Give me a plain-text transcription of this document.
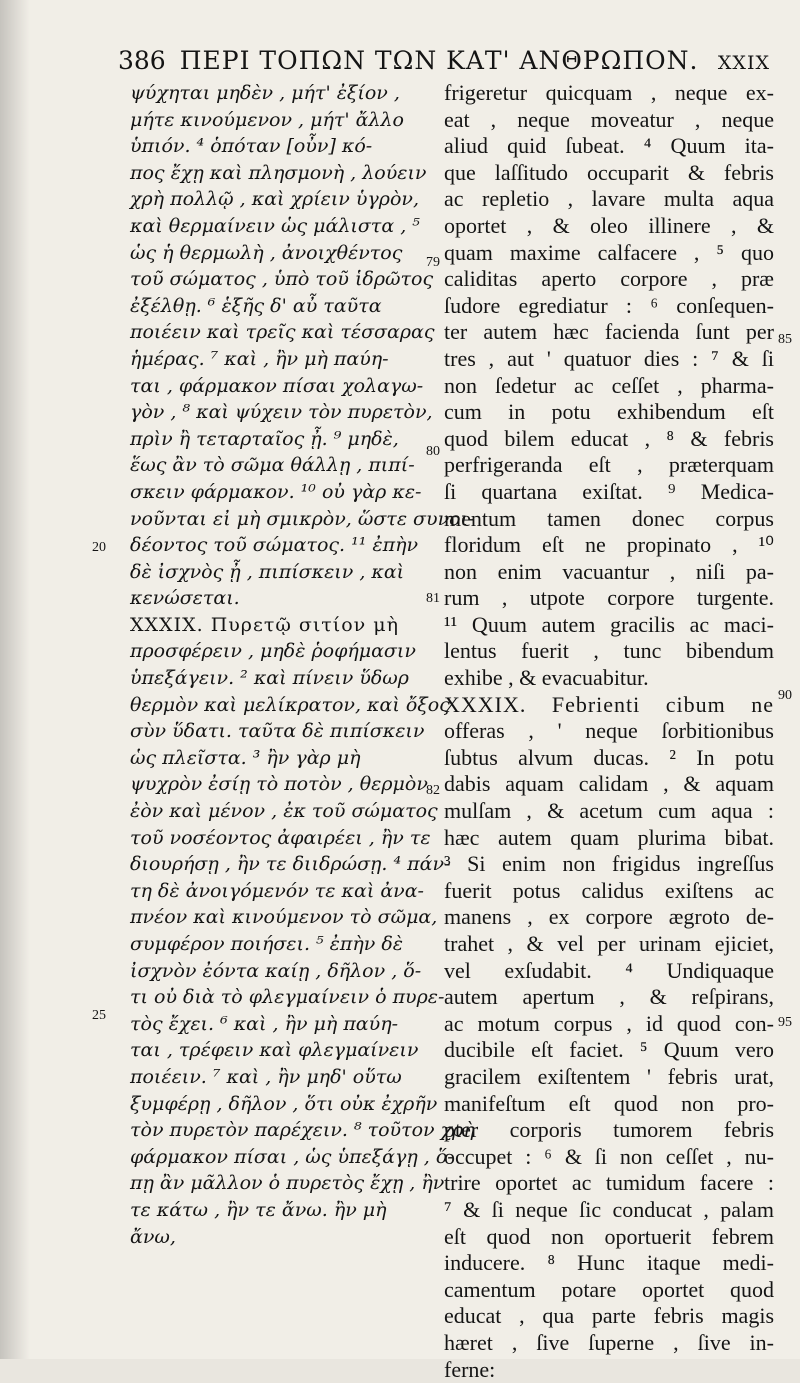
386 ΠΕΡΙ ΤΟΠΩΝ ΤΩΝ ΚΑΤ' ΑΝΘΡΩΠΟΝ. XXIX
ψύχηται μηδὲν , μήτ' ἐξίον ,
μήτε κινούμενον , μήτ' ἄλλο
ὑπιόν. ⁴ ὁπόταν [οὖν] κό-
πος ἔχῃ καὶ πλησμονὴ , λούειν
χρὴ πολλῷ , καὶ χρίειν ὑγρὸν,
καὶ θερμαίνειν ὡς μάλιστα , ⁵
ὡς ἡ θερμωλὴ , ἀνοιχθέντος
τοῦ σώματος , ὑπὸ τοῦ ἱδρῶτος
ἐξέλθῃ. ⁶ ἑξῆς δ' αὖ ταῦτα
ποιέειν καὶ τρεῖς καὶ τέσσαρας
ἡμέρας. ⁷ καὶ , ἢν μὴ παύη-
ται , φάρμακον πίσαι χολαγω-
γὸν , ⁸ καὶ ψύχειν τὸν πυρετὸν,
πρὶν ἢ τεταρταῖος ᾖ. ⁹ μηδὲ,
ἕως ἂν τὸ σῶμα θάλλῃ , πιπί-
σκειν φάρμακον. ¹⁰ οὐ γὰρ κε-
νοῦνται εἰ μὴ σμικρὸν, ὥστε συνοι-
δέοντος τοῦ σώματος. ¹¹ ἐπὴν
δὲ ἰσχνὸς ᾖ , πιπίσκειν , καὶ
κενώσεται.
XXXIX. Πυρετῷ σιτίον μὴ
προσφέρειν , μηδὲ ῥοφήμασιν
ὑπεξάγειν. ² καὶ πίνειν ὕδωρ
θερμὸν καὶ μελίκρατον, καὶ ὄξος
σὺν ὕδατι. ταῦτα δὲ πιπίσκειν
ὡς πλεῖστα. ³ ἢν γὰρ μὴ
ψυχρὸν ἐσίῃ τὸ ποτὸν , θερμὸν
ἐὸν καὶ μένον , ἐκ τοῦ σώματος
τοῦ νοσέοντος ἀφαιρέει , ἢν τε
διουρήσῃ , ἢν τε διιδρώσῃ. ⁴ πάν-
τη δὲ ἀνοιγόμενόν τε καὶ ἀνα-
πνέον καὶ κινούμενον τὸ σῶμα,
συμφέρον ποιήσει. ⁵ ἐπὴν δὲ
ἰσχνὸν ἐόντα καίῃ , δῆλον , ὅ-
τι οὐ διὰ τὸ φλεγμαίνειν ὁ πυρε-
τὸς ἔχει. ⁶ καὶ , ἢν μὴ παύη-
ται , τρέφειν καὶ φλεγμαίνειν
ποιέειν. ⁷ καὶ , ἢν μηδ' οὕτω
ξυμφέρῃ , δῆλον , ὅτι οὐκ ἐχρῆν
τὸν πυρετὸν παρέχειν. ⁸ τοῦτον χρὴ
φάρμακον πίσαι , ὡς ὑπεξάγῃ , ὅ-
πῃ ἂν μᾶλλον ὁ πυρετὸς ἔχῃ , ἢν
τε κάτω , ἢν τε ἄνω. ἢν μὴ
ἄνω,
frigeretur quicquam , neque ex-
eat , neque moveatur , neque
aliud quid ſubeat. ⁴ Quum ita-
que laſſitudo occuparit & febris
ac repletio , lavare multa aqua
oportet , & oleo illinere , &
quam maxime calfacere , ⁵ quo
caliditas aperto corpore , præ
ſudore egrediatur : ⁶ conſequen-
ter autem hæc facienda ſunt per
tres , aut ' quatuor dies : ⁷ & ſi
non ſedetur ac ceſſet , pharma-
cum in potu exhibendum eſt
quod bilem educat , ⁸ & febris
perfrigeranda eſt , præterquam
ſi quartana exiſtat. ⁹ Medica-
mentum tamen donec corpus
floridum eſt ne propinato , ¹⁰
non enim vacuantur , niſi pa-
rum , utpote corpore turgente.
¹¹ Quum autem gracilis ac macі-
lentus fuerit , tunc bibendum
exhibe , & evacuabitur.
XXXIX. Febrienti cibum ne
offeras , ' neque ſorbitionibus
ſubtus alvum ducas. ² In potu
dabis aquam calidam , & aquam
mulſam , & acetum cum aqua :
hæc autem quam plurima bibat.
³ Si enim non frigidus ingreſſus
fuerit potus calidus exiſtens ac
manens , ex corpore ægroto de-
trahet , & vel per urinam ejiciet,
vel exſudabit. ⁴ Undiquaque
autem apertum , & reſpirans,
ac motum corpus , id quod con-
ducibile eſt faciet. ⁵ Quum vero
gracilem exiſtentem ' febris urat,
manifeſtum eſt quod non pro-
pter corporis tumorem febris
occupet : ⁶ & ſi non ceſſet , nu-
trire oportet ac tumidum facere :
⁷ & ſi neque ſic conducat , palam
eſt quod non oportuerit febrem
inducere. ⁸ Hunc itaque medi-
camentum potare oportet quod
educat , qua parte febris magis
hæret , ſive ſuperne , ſive in-
ferne:
79
80
81
82
85
90
95
20
25
